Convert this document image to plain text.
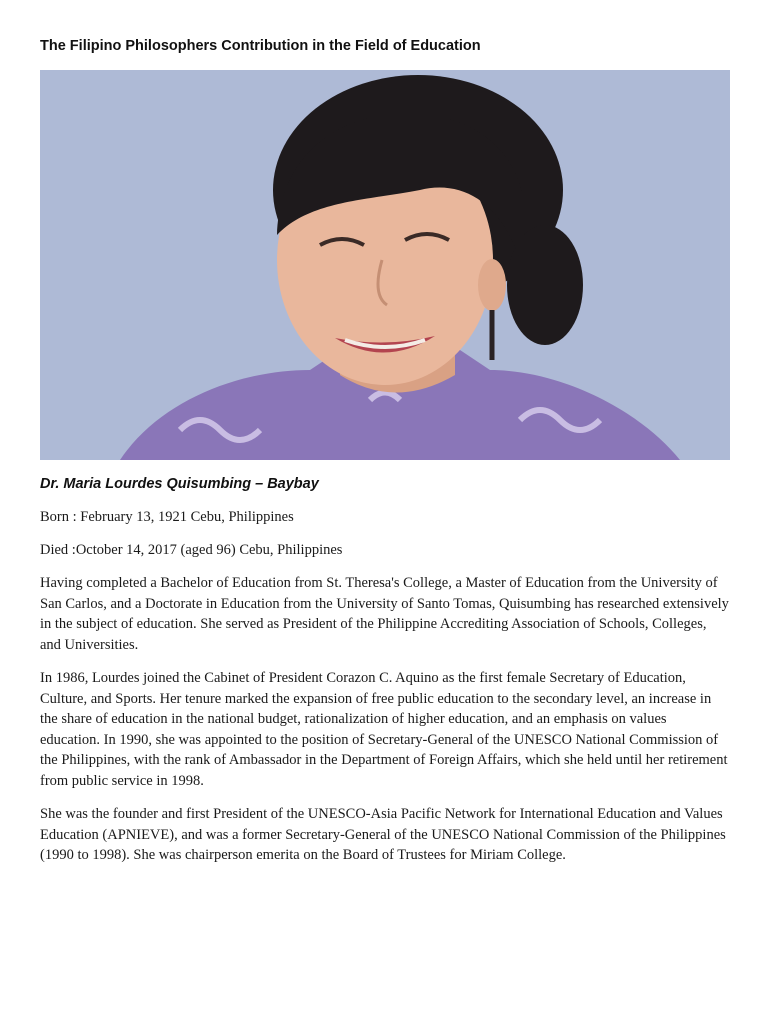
The Filipino Philosophers Contribution in the Field of Education

Dr. Maria Lourdes Quisumbing – Baybay

Born : February 13, 1921 Cebu, Philippines

Died :October 14, 2017 (aged 96) Cebu, Philippines

Having completed a Bachelor of Education from St. Theresa's College, a Master of Education from the University of San Carlos, and a Doctorate in Education from the University of Santo Tomas, Quisumbing has researched extensively in the subject of education. She served as President of the Philippine Accrediting Association of Schools, Colleges, and Universities.

In 1986, Lourdes joined the Cabinet of President Corazon C. Aquino as the first female Secretary of Education, Culture, and Sports. Her tenure marked the expansion of free public education to the secondary level, an increase in the share of education in the national budget, rationalization of higher education, and an emphasis on values education. In 1990, she was appointed to the position of Secretary-General of the UNESCO National Commission of the Philippines, with the rank of Ambassador in the Department of Foreign Affairs, which she held until her retirement from public service in 1998.

She was the founder and first President of the UNESCO-Asia Pacific Network for International Education and Values Education (APNIEVE), and was a former Secretary-General of the UNESCO National Commission of the Philippines (1990 to 1998). She was chairperson emerita on the Board of Trustees for Miriam College.
